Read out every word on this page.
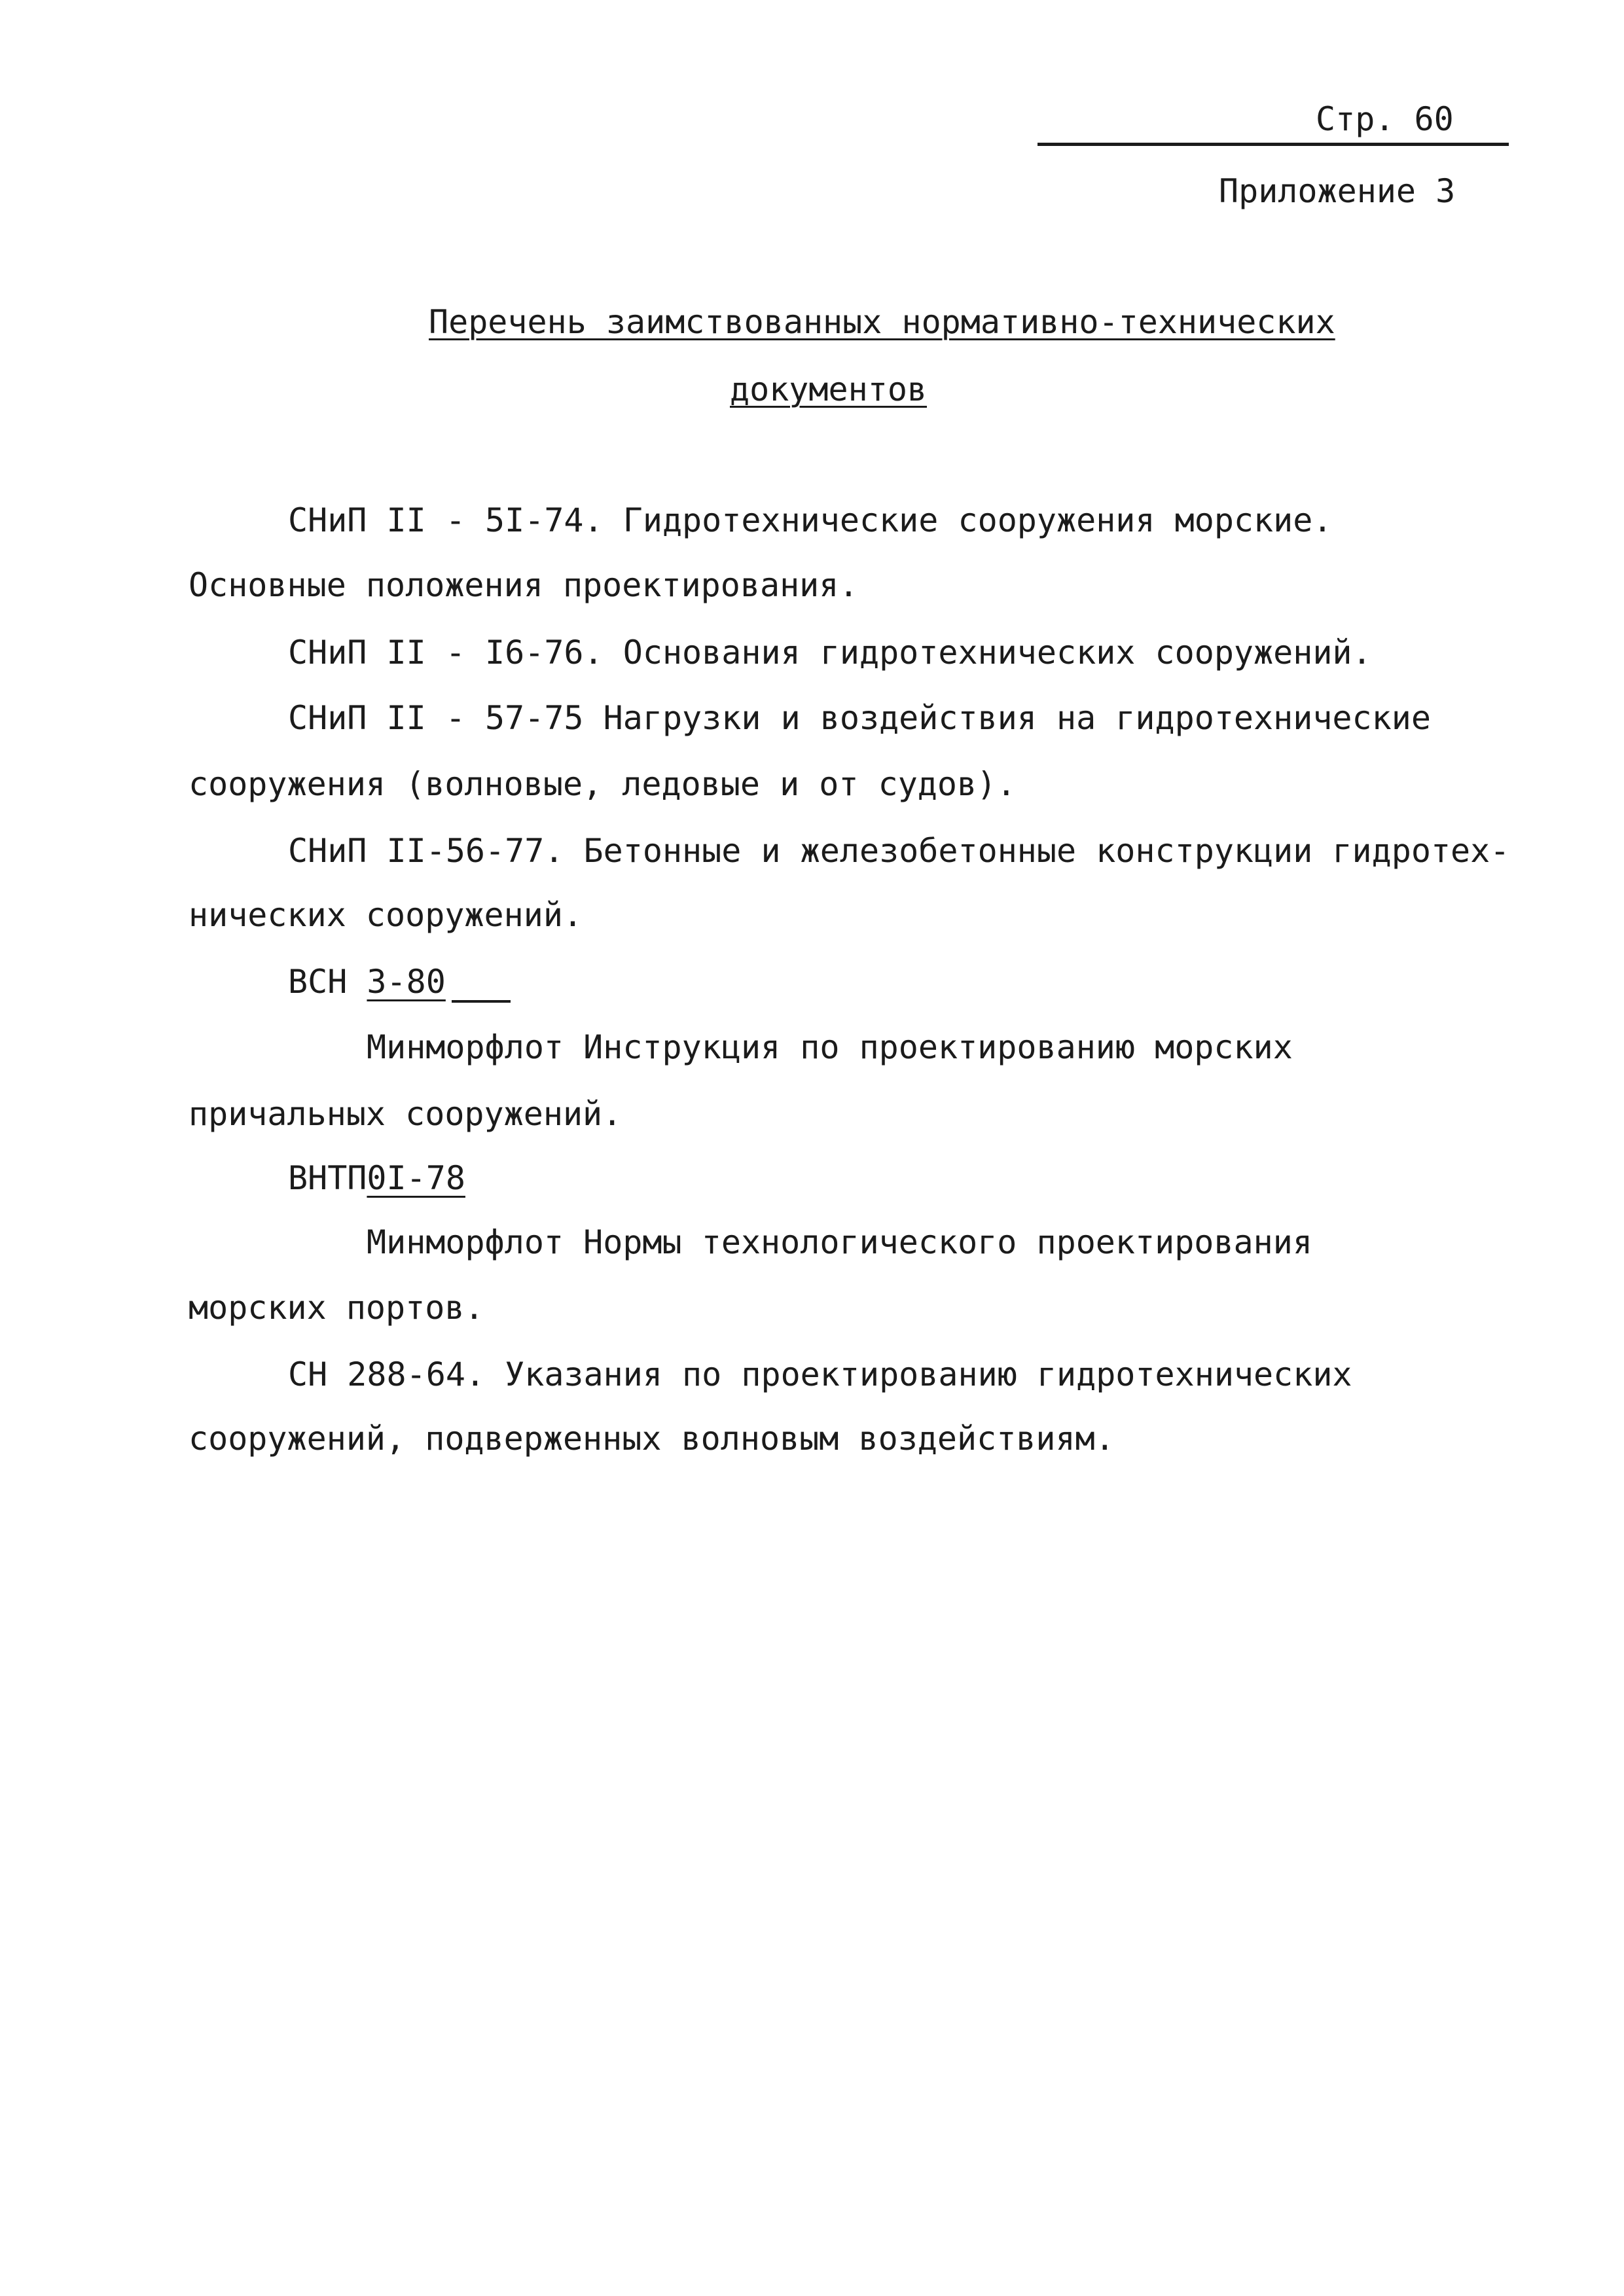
Стр. 60
Приложение 3
Перечень заимствованных нормативно-технических
документов
СНиП II - 5I-74. Гидротехнические сооружения морские.
Основные положения проектирования.
СНиП II - I6-76. Основания гидротехнических сооружений.
СНиП II - 57-75 Нагрузки и воздействия на гидротехнические
сооружения (волновые, ледовые и от судов).
СНиП II-56-77. Бетонные и железобетонные конструкции гидротех-
нических сооружений.
ВСН 3-80
Минморфлот Инструкция по проектированию морских
причальных сооружений.
ВНТП0I-78
Минморфлот Нормы технологического проектирования
морских портов.
СН 288-64. Указания по проектированию гидротехнических
сооружений, подверженных волновым воздействиям.
